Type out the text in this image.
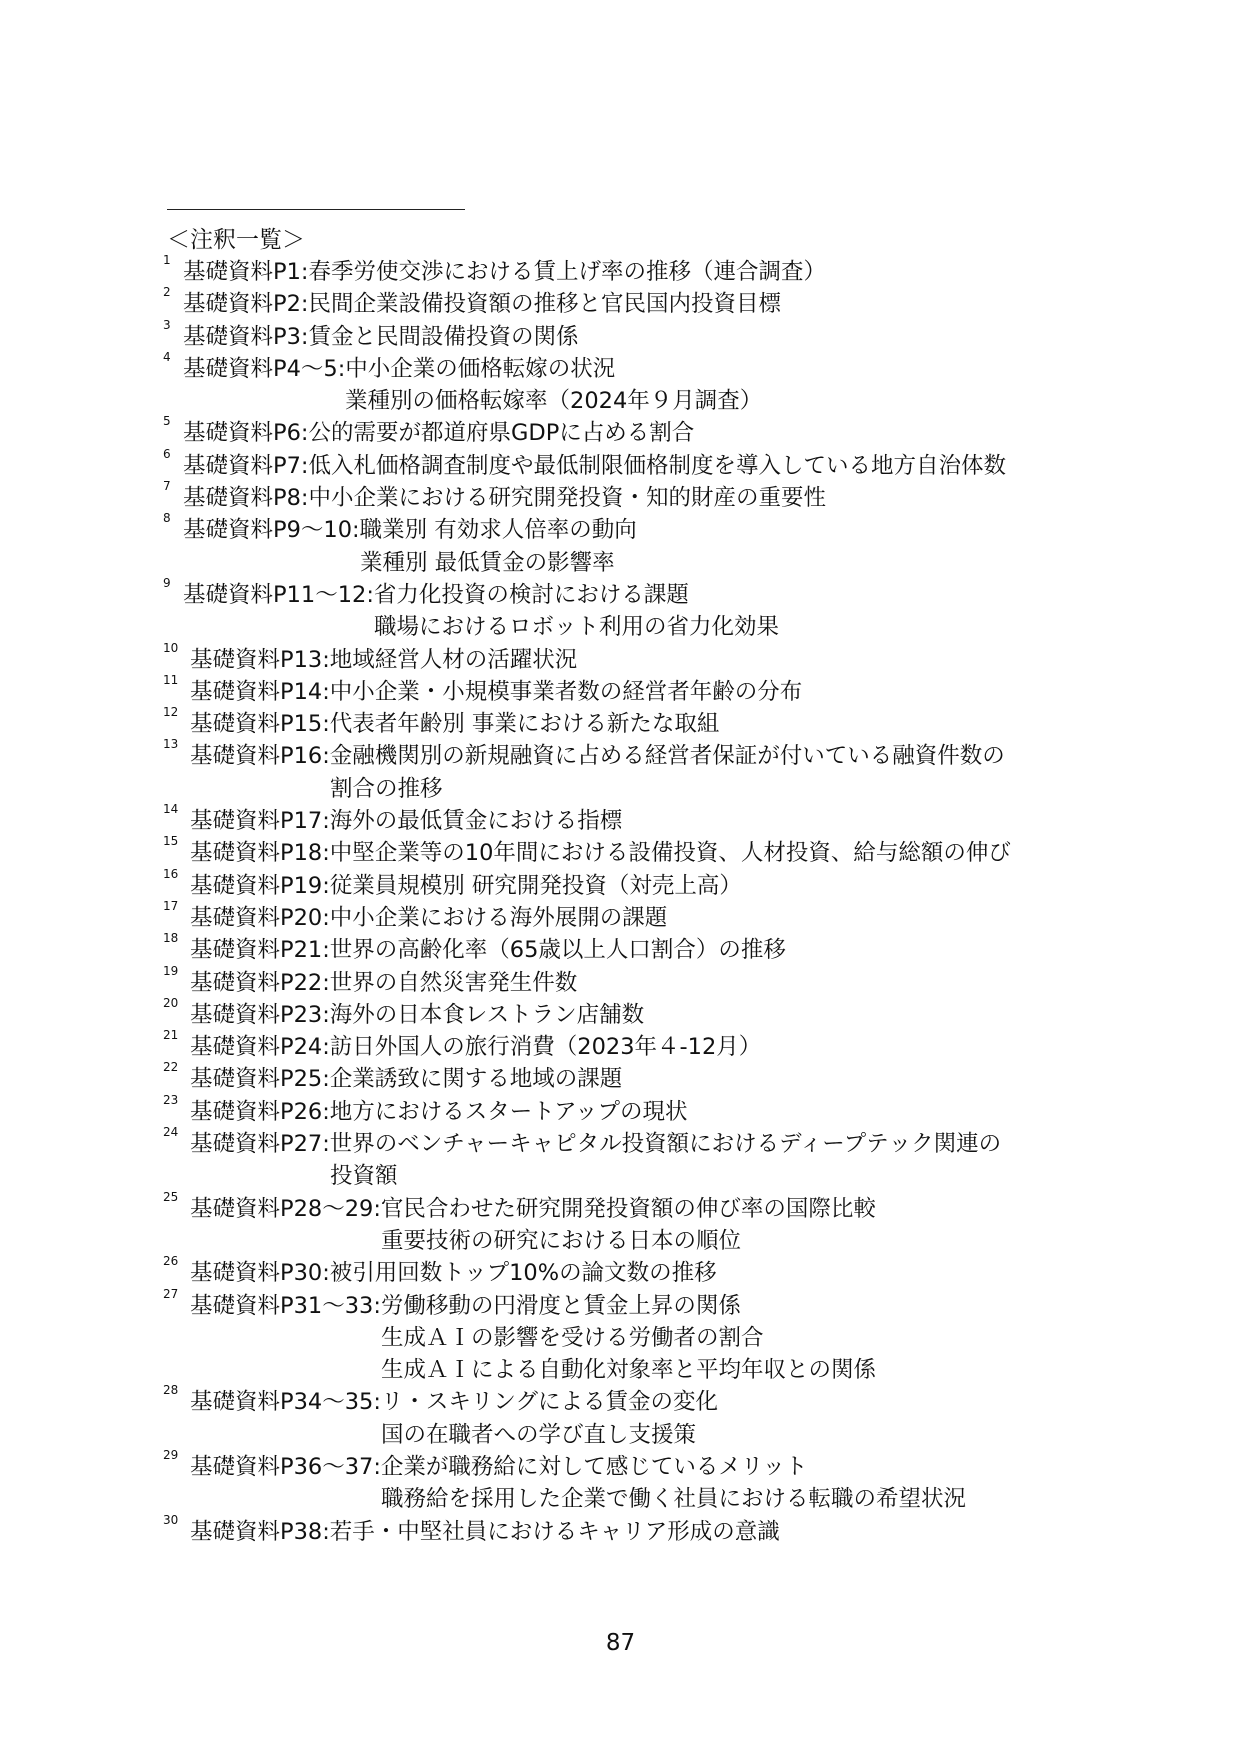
＜注釈一覧＞
1 基礎資料P1:春季労使交渉における賃上げ率の推移（連合調査）
2 基礎資料P2:民間企業設備投資額の推移と官民国内投資目標
3 基礎資料P3:賃金と民間設備投資の関係
4 基礎資料P4～5:中小企業の価格転嫁の状況
業種別の価格転嫁率（2024年９月調査）
5 基礎資料P6:公的需要が都道府県GDPに占める割合
6 基礎資料P7:低入札価格調査制度や最低制限価格制度を導入している地方自治体数
7 基礎資料P8:中小企業における研究開発投資・知的財産の重要性
8 基礎資料P9～10:職業別 有効求人倍率の動向
業種別 最低賃金の影響率
9 基礎資料P11～12:省力化投資の検討における課題
職場におけるロボット利用の省力化効果
10 基礎資料P13:地域経営人材の活躍状況
11 基礎資料P14:中小企業・小規模事業者数の経営者年齢の分布
12 基礎資料P15:代表者年齢別 事業における新たな取組
13 基礎資料P16:金融機関別の新規融資に占める経営者保証が付いている融資件数の
割合の推移
14 基礎資料P17:海外の最低賃金における指標
15 基礎資料P18:中堅企業等の10年間における設備投資、人材投資、給与総額の伸び
16 基礎資料P19:従業員規模別 研究開発投資（対売上高）
17 基礎資料P20:中小企業における海外展開の課題
18 基礎資料P21:世界の高齢化率（65歳以上人口割合）の推移
19 基礎資料P22:世界の自然災害発生件数
20 基礎資料P23:海外の日本食レストラン店舗数
21 基礎資料P24:訪日外国人の旅行消費（2023年４-12月）
22 基礎資料P25:企業誘致に関する地域の課題
23 基礎資料P26:地方におけるスタートアップの現状
24 基礎資料P27:世界のベンチャーキャピタル投資額におけるディープテック関連の
投資額
25 基礎資料P28～29:官民合わせた研究開発投資額の伸び率の国際比較
重要技術の研究における日本の順位
26 基礎資料P30:被引用回数トップ10%の論文数の推移
27 基礎資料P31～33:労働移動の円滑度と賃金上昇の関係
生成ＡＩの影響を受ける労働者の割合
生成ＡＩによる自動化対象率と平均年収との関係
28 基礎資料P34～35:リ・スキリングによる賃金の変化
国の在職者への学び直し支援策
29 基礎資料P36～37:企業が職務給に対して感じているメリット
職務給を採用した企業で働く社員における転職の希望状況
30 基礎資料P38:若手・中堅社員におけるキャリア形成の意識
87
